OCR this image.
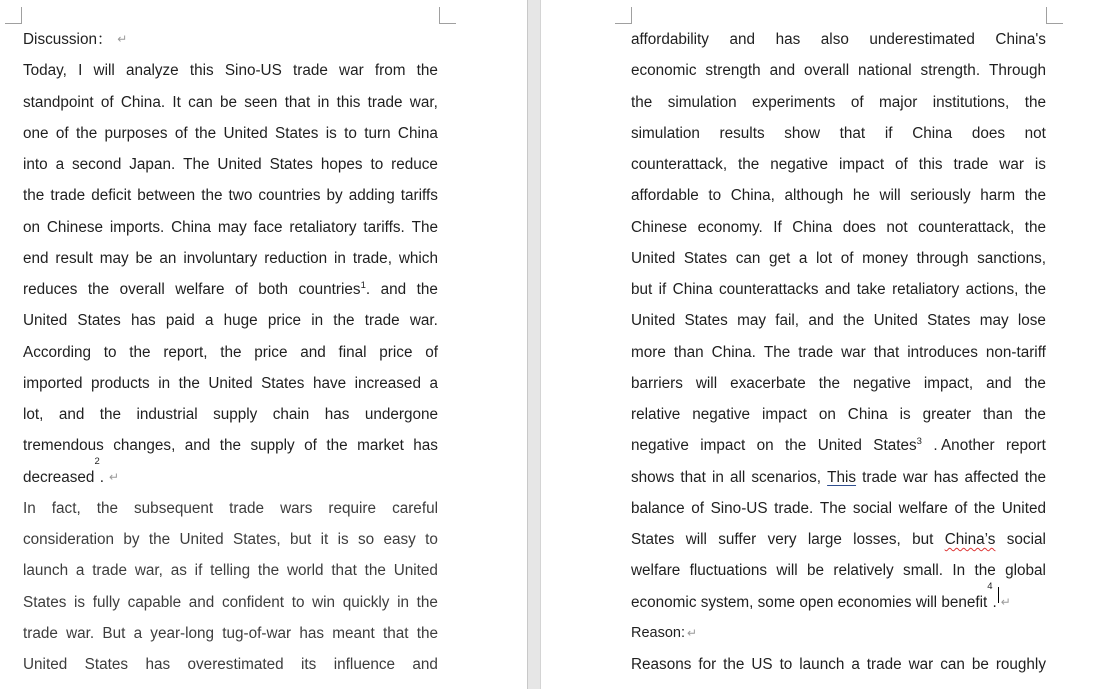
Discussion： ↵
Today, I will analyze this Sino-US trade war from the
standpoint of China. It can be seen that in this trade war,
one of the purposes of the United States is to turn China
into a second Japan. The United States hopes to reduce
the trade deficit between the two countries by adding tariffs
on Chinese imports. China may face retaliatory tariffs. The
end result may be an involuntary reduction in trade, which
reduces the overall welfare of both countries$^1$. and the
United States has paid a huge price in the trade war.
According to the report, the price and final price of
imported products in the United States have increased a
lot, and the industrial supply chain has undergone
tremendous changes, and the supply of the market has
decreased
2
. ↵
In fact, the subsequent trade wars require careful
consideration by the United States, but it is so easy to
launch a trade war, as if telling the world that the United
States is fully capable and confident to win quickly in the
trade war. But a year-long tug-of-war has meant that the
United States has overestimated its influence and
affordability and has also underestimated China's
economic strength and overall national strength. Through
the simulation experiments of major institutions, the
simulation results show that if China does not
counterattack, the negative impact of this trade war is
affordable to China, although he will seriously harm the
Chinese economy. If China does not counterattack, the
United States can get a lot of money through sanctions,
but if China counterattacks and take retaliatory actions, the
United States may fail, and the United States may lose
more than China. The trade war that introduces non-tariff
barriers will exacerbate the negative impact, and the
relative negative impact on China is greater than the
negative impact on the United States$^3$ . Another report
shows that in all scenarios, This trade war has affected the
balance of Sino-US trade. The social welfare of the United
States will suffer very large losses, but China’s social
welfare fluctuations will be relatively small. In the global
economic system, some open economies will benefit
4
. ↵
Reason: ↵
Reasons for the US to launch a trade war can be roughly
